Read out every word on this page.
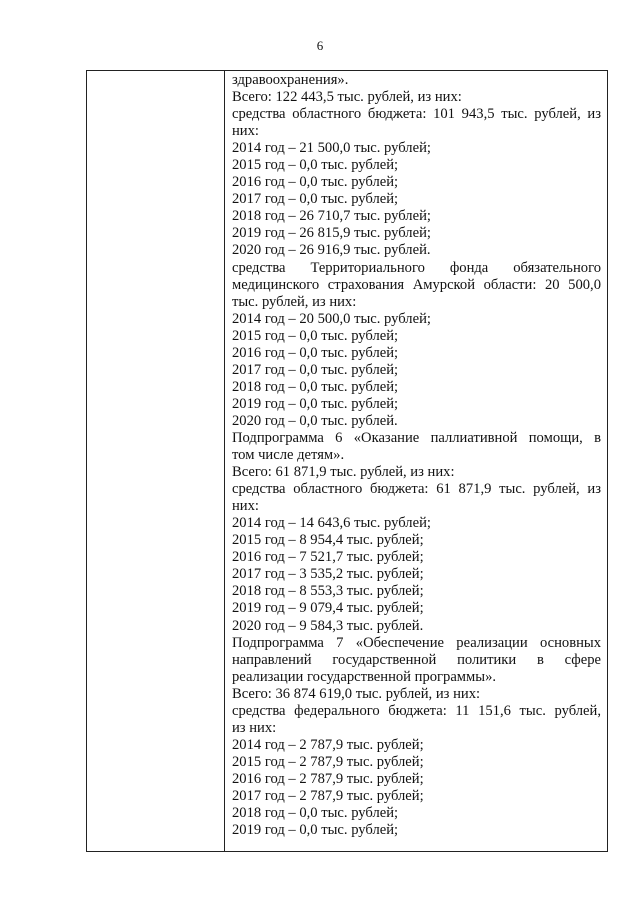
6
здравоохранения».
Всего: 122 443,5 тыс. рублей, из них:
средства областного бюджета: 101 943,5 тыс. рублей, из
них:
2014 год – 21 500,0 тыс. рублей;
2015 год – 0,0 тыс. рублей;
2016 год – 0,0 тыс. рублей;
2017 год – 0,0 тыс. рублей;
2018 год – 26 710,7 тыс. рублей;
2019 год – 26 815,9 тыс. рублей;
2020 год – 26 916,9 тыс. рублей.
средства Территориального фонда обязательного
медицинского страхования Амурской области: 20 500,0
тыс. рублей, из них:
2014 год – 20 500,0 тыс. рублей;
2015 год – 0,0 тыс. рублей;
2016 год – 0,0 тыс. рублей;
2017 год – 0,0 тыс. рублей;
2018 год – 0,0 тыс. рублей;
2019 год – 0,0 тыс. рублей;
2020 год – 0,0 тыс. рублей.
Подпрограмма 6 «Оказание паллиативной помощи, в
том числе детям».
Всего: 61 871,9 тыс. рублей, из них:
средства областного бюджета: 61 871,9 тыс. рублей, из
них:
2014 год – 14 643,6 тыс. рублей;
2015 год – 8 954,4 тыс. рублей;
2016 год – 7 521,7 тыс. рублей;
2017 год – 3 535,2 тыс. рублей;
2018 год – 8 553,3 тыс. рублей;
2019 год – 9 079,4 тыс. рублей;
2020 год – 9 584,3 тыс. рублей.
Подпрограмма 7 «Обеспечение реализации основных
направлений государственной политики в сфере
реализации государственной программы».
Всего: 36 874 619,0 тыс. рублей, из них:
средства федерального бюджета: 11 151,6 тыс. рублей,
из них:
2014 год – 2 787,9 тыс. рублей;
2015 год – 2 787,9 тыс. рублей;
2016 год – 2 787,9 тыс. рублей;
2017 год – 2 787,9 тыс. рублей;
2018 год – 0,0 тыс. рублей;
2019 год – 0,0 тыс. рублей;
